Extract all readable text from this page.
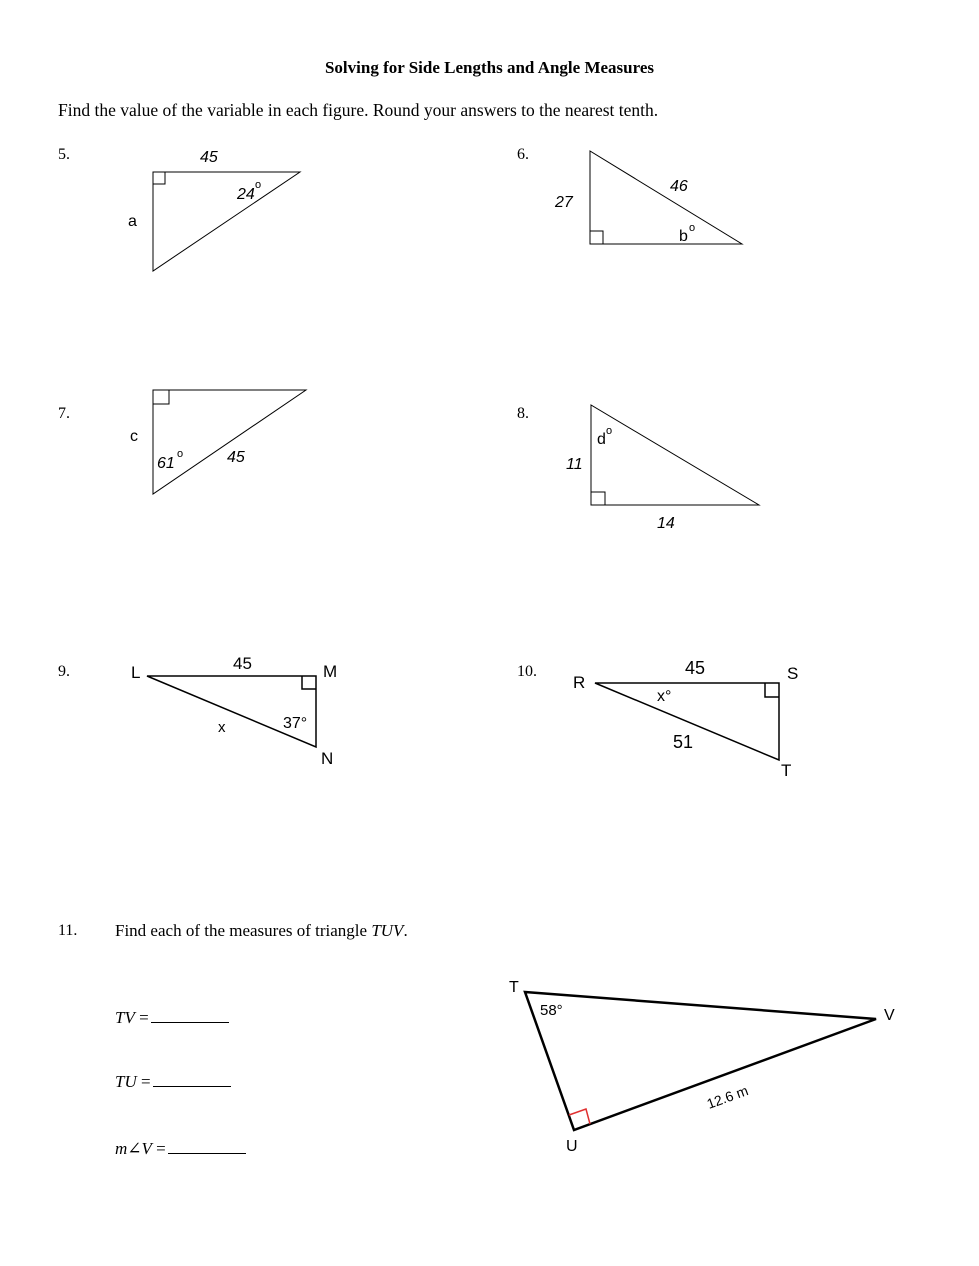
Solving for Side Lengths and Angle Measures
Find the value of the variable in each figure. Round your answers to the nearest tenth.
5.	6.
7.	8.
9.	10.
11. Find each of the measures of triangle TUV.
TV =
TU =
m∠V =
45
24
o
a
27
46
b o
c
61
o	45
d o
11
14
L	M
N
45
x	37°
R	S
T
45
x°
51
T
U
V
58°
12.6 m
